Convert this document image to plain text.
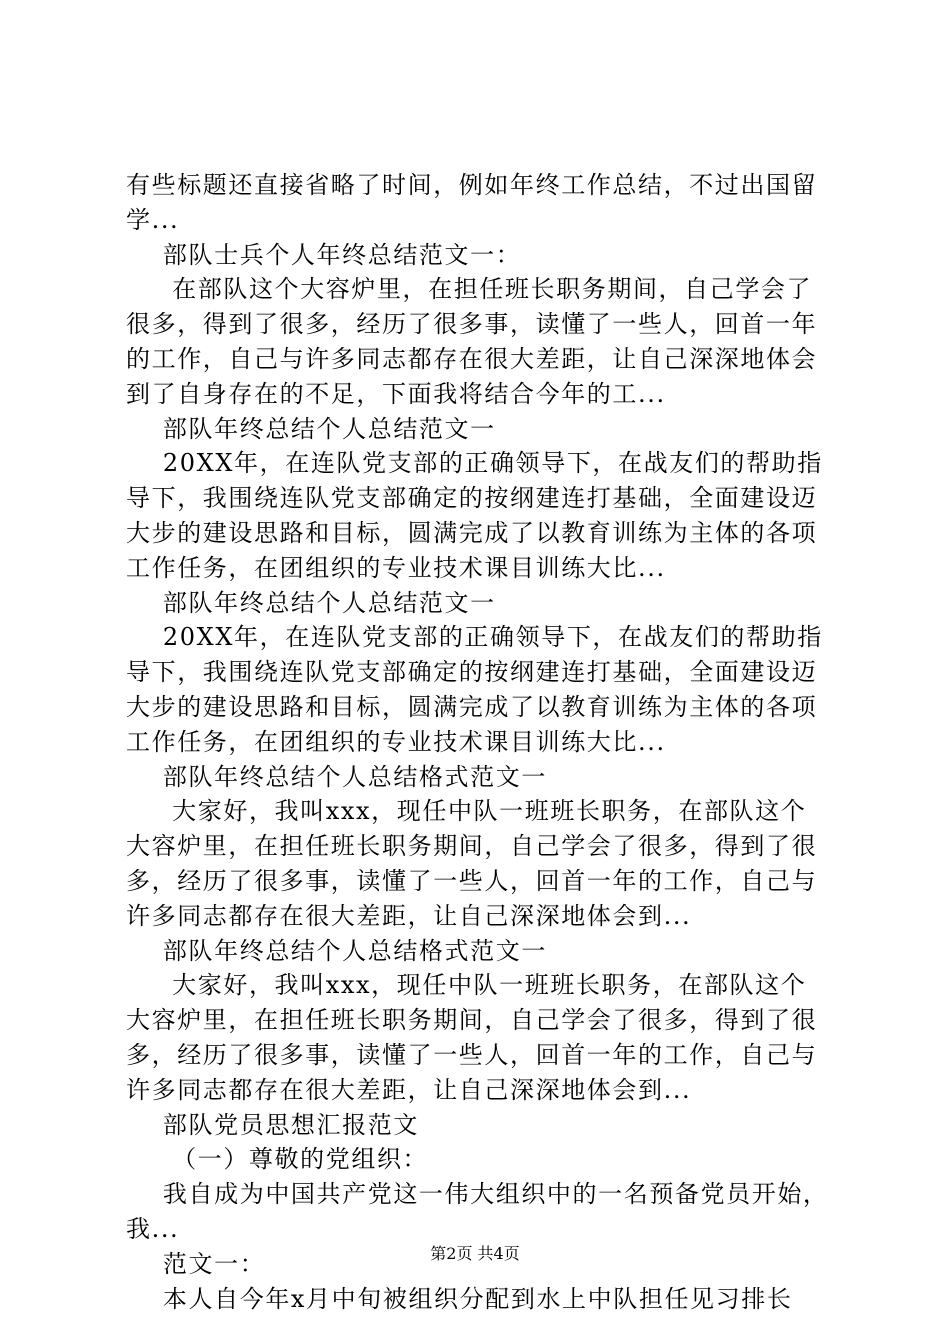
有些标题还直接省略了时间，例如年终工作总结，不过出国留
学...
部队士兵个人年终总结范文一：
在部队这个大容炉里，在担任班长职务期间，自己学会了
很多，得到了很多，经历了很多事，读懂了一些人，回首一年
的工作，自己与许多同志都存在很大差距，让自己深深地体会
到了自身存在的不足，下面我将结合今年的工...
部队年终总结个人总结范文一
20XX年，在连队党支部的正确领导下，在战友们的帮助指
导下，我围绕连队党支部确定的按纲建连打基础，全面建设迈
大步的建设思路和目标，圆满完成了以教育训练为主体的各项
工作任务，在团组织的专业技术课目训练大比...
部队年终总结个人总结范文一
20XX年，在连队党支部的正确领导下，在战友们的帮助指
导下，我围绕连队党支部确定的按纲建连打基础，全面建设迈
大步的建设思路和目标，圆满完成了以教育训练为主体的各项
工作任务，在团组织的专业技术课目训练大比...
部队年终总结个人总结格式范文一
大家好，我叫xxx，现任中队一班班长职务，在部队这个
大容炉里，在担任班长职务期间，自己学会了很多，得到了很
多，经历了很多事，读懂了一些人，回首一年的工作，自己与
许多同志都存在很大差距，让自己深深地体会到...
部队年终总结个人总结格式范文一
大家好，我叫xxx，现任中队一班班长职务，在部队这个
大容炉里，在担任班长职务期间，自己学会了很多，得到了很
多，经历了很多事，读懂了一些人，回首一年的工作，自己与
许多同志都存在很大差距，让自己深深地体会到...
部队党员思想汇报范文
（一）尊敬的党组织：
我自成为中国共产党这一伟大组织中的一名预备党员开始，
我...
范文一：
本人自今年x月中旬被组织分配到水上中队担任见习排长
第2页 共4页
